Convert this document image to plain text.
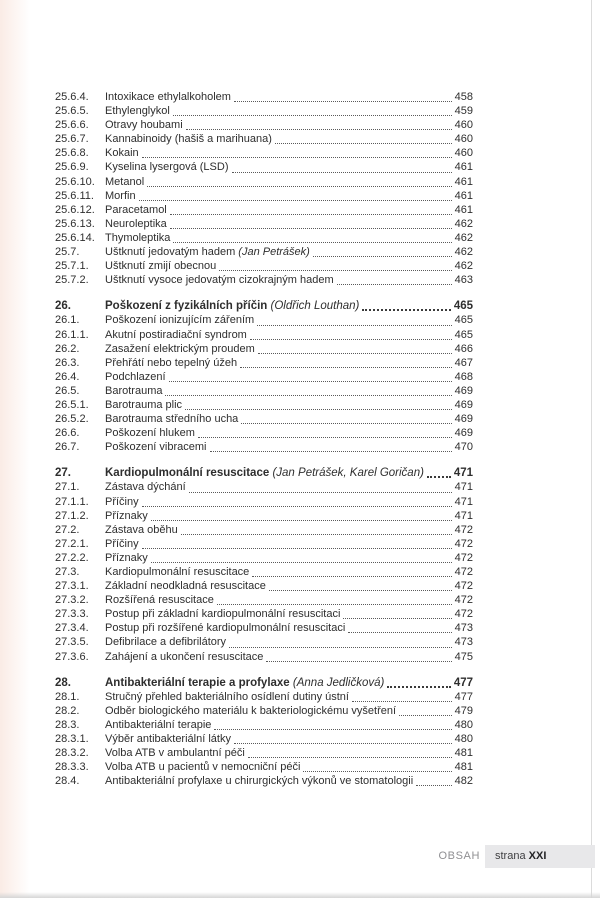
25.6.4.	Intoxikace ethylalkoholem	458
25.6.5.	Ethylenglykol	459
25.6.6.	Otravy houbami	460
25.6.7.	Kannabinoidy (hašiš a marihuana)	460
25.6.8.	Kokain	460
25.6.9.	Kyselina lysergová (LSD)	461
25.6.10. Metanol	461
25.6.11.	Morfin	461
25.6.12. Paracetamol	461
25.6.13. Neuroleptika	462
25.6.14. Thymoleptika	462
25.7.	Uštknutí jedovatým hadem (Jan Petrášek)	462
25.7.1.	Uštknutí zmijí obecnou	462
25.7.2.	Uštknutí vysoce jedovatým cizokrajným hadem	463
26.	Poškození z fyzikálních příčin (Oldřich Louthan)	465
26.1.	Poškození ionizujícím zářením	465
26.1.1.	Akutní postiradiační syndrom	465
26.2.	Zasažení elektrickým proudem	466
26.3.	Přehřátí nebo tepelný úžeh	467
26.4.	Podchlazení	468
26.5.	Barotrauma	469
26.5.1.	Barotrauma plic	469
26.5.2.	Barotrauma středního ucha	469
26.6.	Poškození hlukem	469
26.7.	Poškození vibracemi	470
27.	Kardiopulmonální resuscitace (Jan Petrášek, Karel Goričan)	471
27.1.	Zástava dýchání	471
27.1.1.	Příčiny	471
27.1.2.	Příznaky	471
27.2.	Zástava oběhu	472
27.2.1.	Příčiny	472
27.2.2.	Příznaky	472
27.3.	Kardiopulmonální resuscitace	472
27.3.1.	Základní neodkladná resuscitace	472
27.3.2.	Rozšířená resuscitace	472
27.3.3.	Postup při základní kardiopulmonální resuscitaci	472
27.3.4.	Postup při rozšířené kardiopulmonální resuscitaci	473
27.3.5.	Defibrilace a defibrilátory	473
27.3.6.	Zahájení a ukončení resuscitace	475
28.	Antibakteriální terapie a profylaxe (Anna Jedličková)	477
28.1.	Stručný přehled bakteriálního osídlení dutiny ústní	477
28.2.	Odběr biologického materiálu k bakteriologickému vyšetření	479
28.3.	Antibakteriální terapie	480
28.3.1.	Výběr antibakteriální látky	480
28.3.2.	Volba ATB v ambulantní péči	481
28.3.3.	Volba ATB u pacientů v nemocniční péči	481
28.4.	Antibakteriální profylaxe u chirurgických výkonů ve stomatologii	482
OBSAH	strana XXI
